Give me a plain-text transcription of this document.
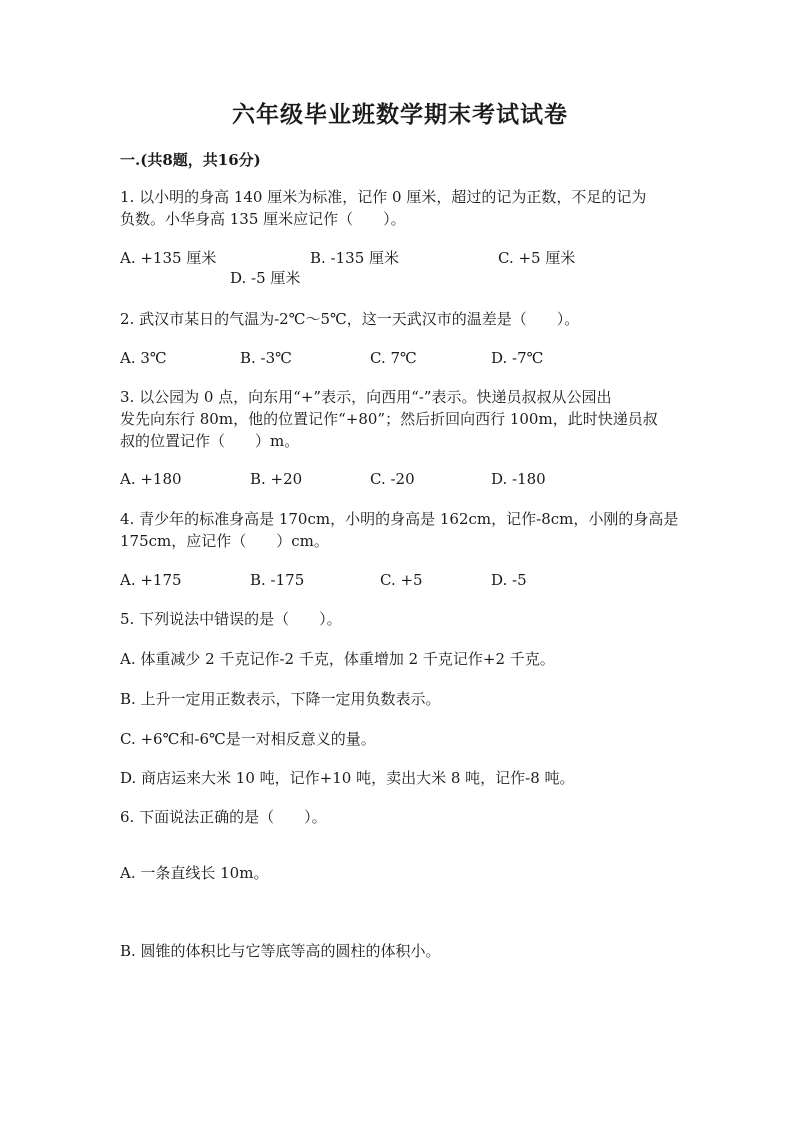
六年级毕业班数学期末考试试卷
一.(共8题，共16分)
1. 以小明的身高 140 厘米为标准，记作 0 厘米，超过的记为正数，不足的记为
负数。小华身高 135 厘米应记作（　　）。
A. +135 厘米	B. -135 厘米	C. +5 厘米
D. -5 厘米
2. 武汉市某日的气温为-2℃～5℃，这一天武汉市的温差是（　　）。
A. 3℃	B. -3℃	C. 7℃	D. -7℃
3. 以公园为 0 点，向东用“+”表示，向西用“-”表示。快递员叔叔从公园出
发先向东行 80m，他的位置记作“+80”；然后折回向西行 100m，此时快递员叔
叔的位置记作（　　）m。
A. +180	B. +20	C. -20	D. -180
4. 青少年的标准身高是 170cm，小明的身高是 162cm，记作-8cm，小刚的身高是
175cm，应记作（　　）cm。
A. +175	B. -175	C. +5	D. -5
5. 下列说法中错误的是（　　）。
A. 体重减少 2 千克记作-2 千克，体重增加 2 千克记作+2 千克。
B. 上升一定用正数表示，下降一定用负数表示。
C. +6℃和-6℃是一对相反意义的量。
D. 商店运来大米 10 吨，记作+10 吨，卖出大米 8 吨，记作-8 吨。
6. 下面说法正确的是（　　）。
A. 一条直线长 10m。
B. 圆锥的体积比与它等底等高的圆柱的体积小。
